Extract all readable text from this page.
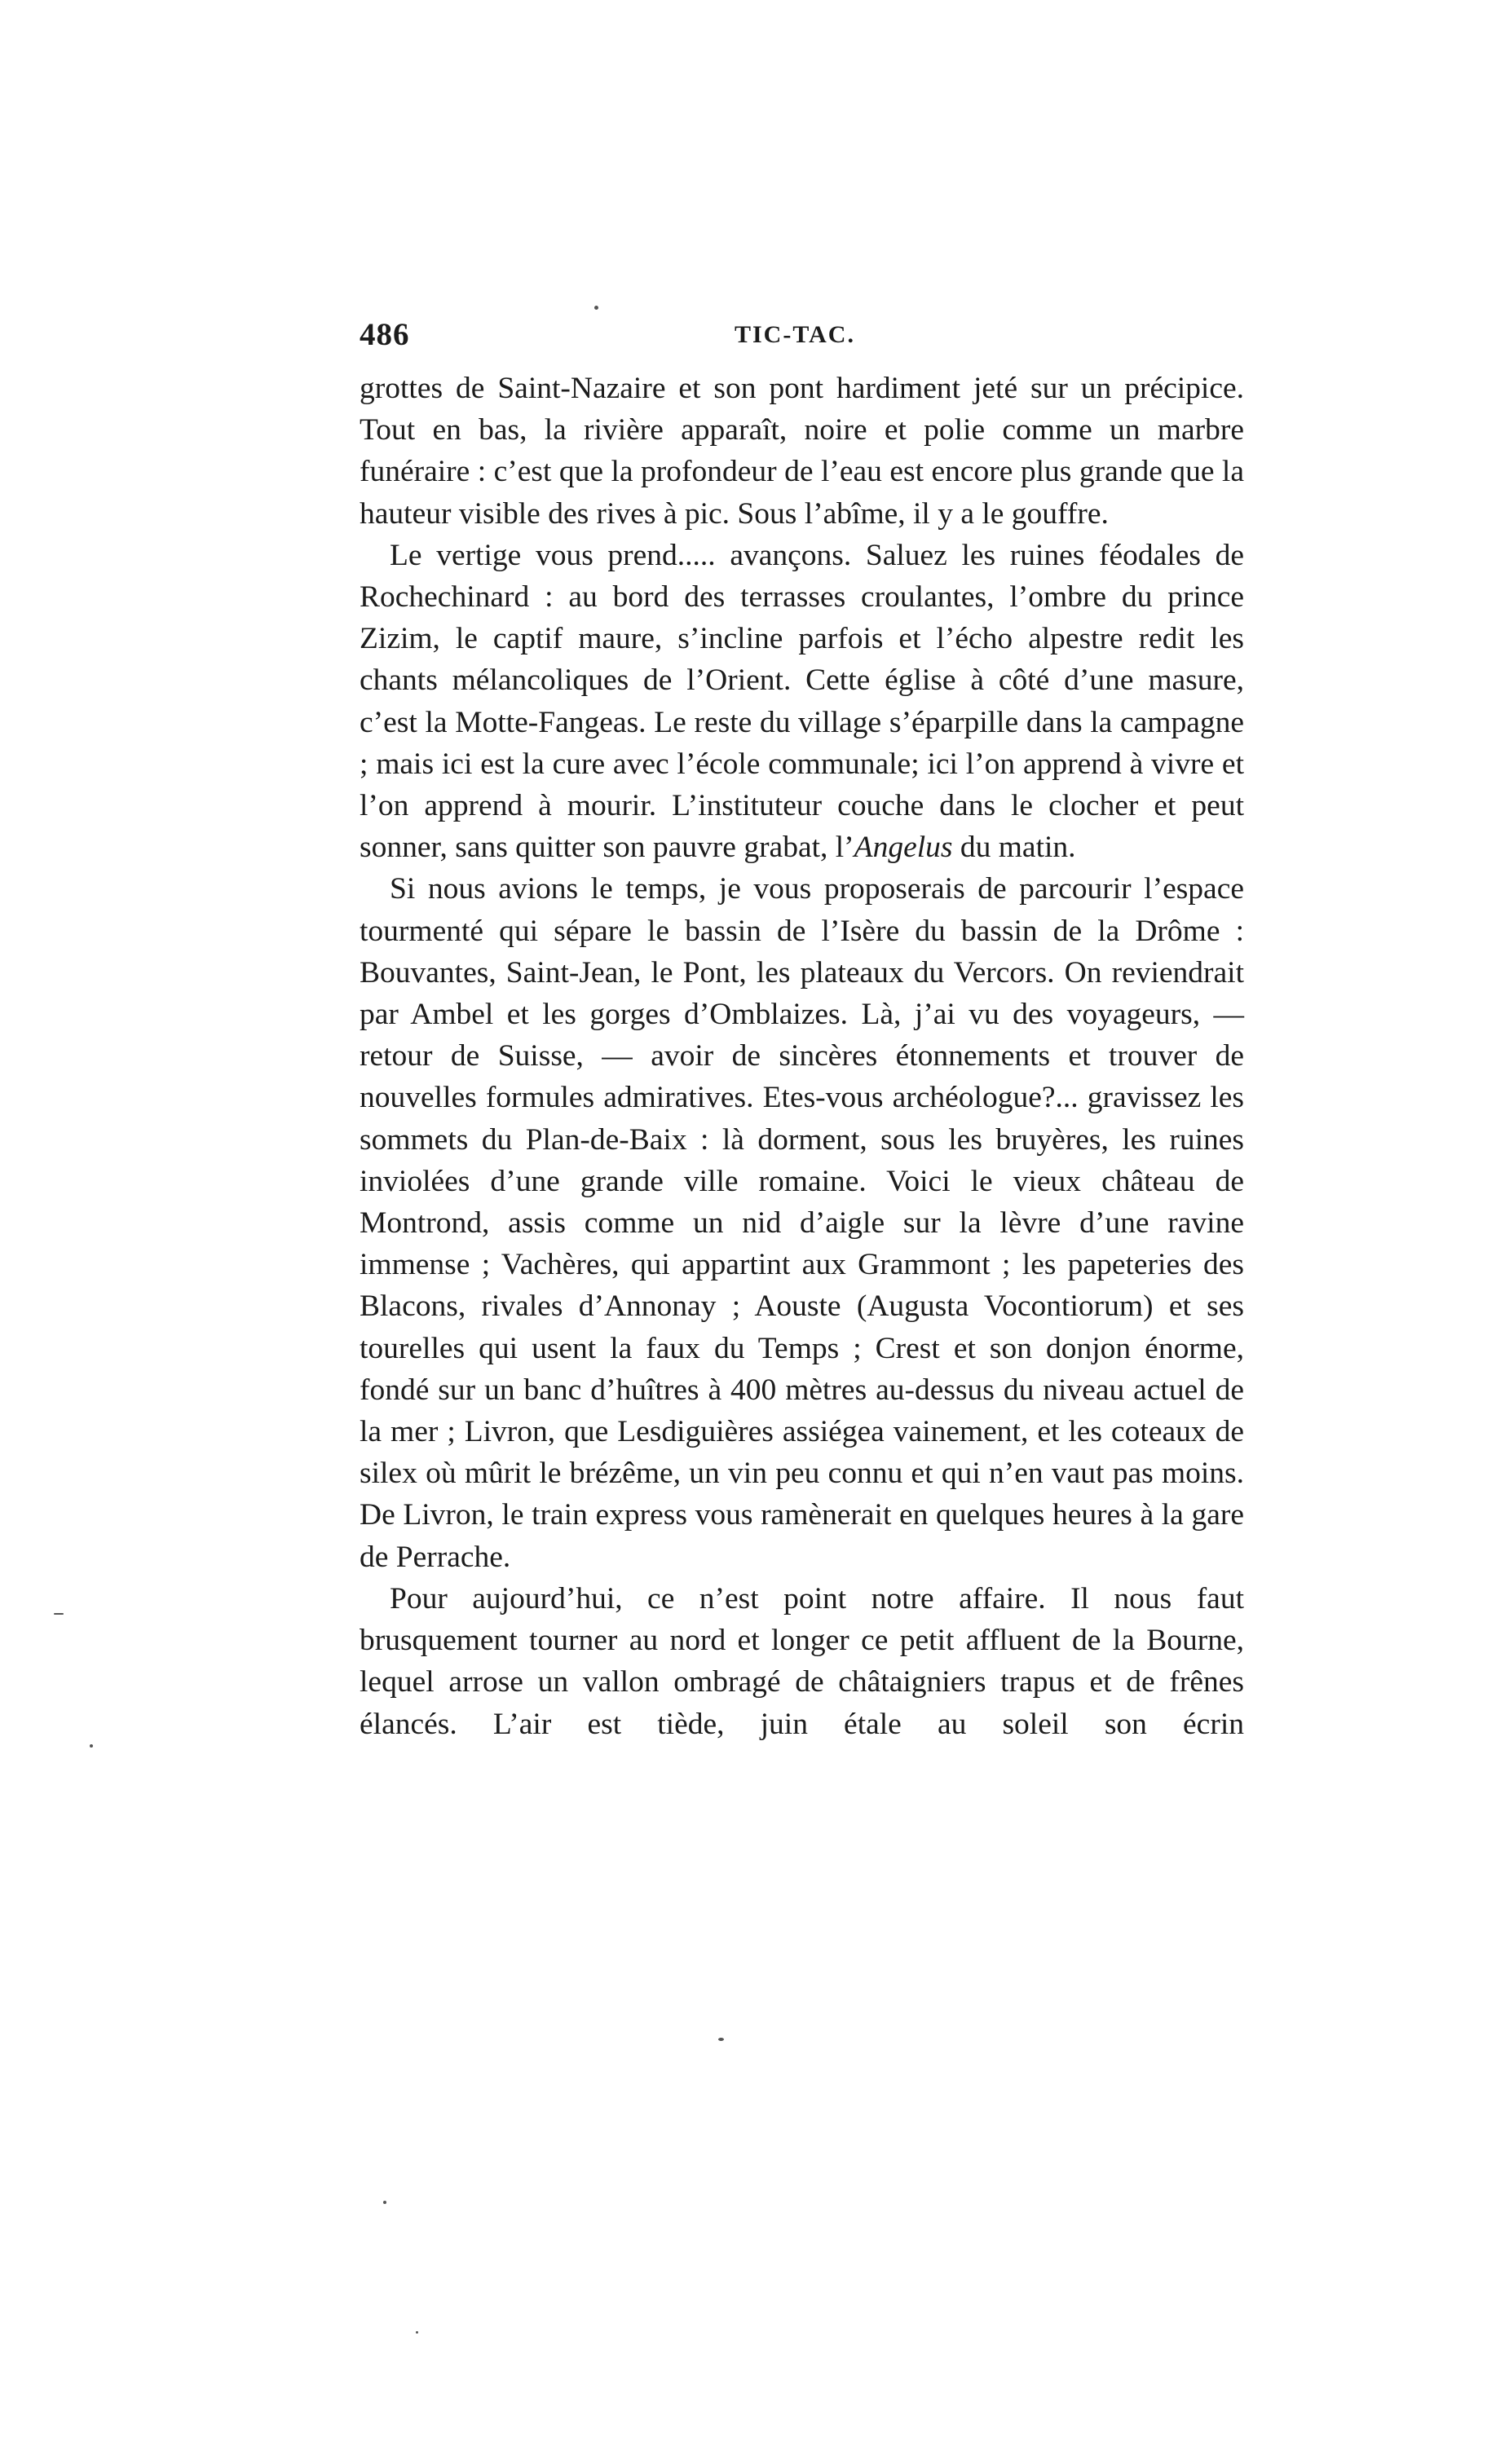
486	TIC-TAC.

grottes de Saint-Nazaire et son pont hardiment jeté sur un précipice. Tout en bas, la rivière apparaît, noire et polie comme un marbre funéraire : c’est que la profondeur de l’eau est encore plus grande que la hauteur visible des rives à pic. Sous l’abîme, il y a le gouffre.

Le vertige vous prend..... avançons. Saluez les ruines féodales de Rochechinard : au bord des terrasses croulantes, l’ombre du prince Zizim, le captif maure, s’incline parfois et l’écho alpestre redit les chants mélancoliques de l’Orient. Cette église à côté d’une masure, c’est la Motte-Fangeas. Le reste du village s’éparpille dans la campagne ; mais ici est la cure avec l’école communale; ici l’on apprend à vivre et l’on apprend à mourir. L’instituteur couche dans le clocher et peut sonner, sans quitter son pauvre grabat, l’Angelus du matin.

Si nous avions le temps, je vous proposerais de parcourir l’espace tourmenté qui sépare le bassin de l’Isère du bassin de la Drôme : Bouvantes, Saint-Jean, le Pont, les plateaux du Vercors. On reviendrait par Ambel et les gorges d’Omblaizes. Là, j’ai vu des voyageurs, — retour de Suisse, — avoir de sincères étonnements et trouver de nouvelles formules admiratives. Etes-vous archéologue?... gravissez les sommets du Plan-de-Baix : là dorment, sous les bruyères, les ruines inviolées d’une grande ville romaine. Voici le vieux château de Montrond, assis comme un nid d’aigle sur la lèvre d’une ravine immense ; Vachères, qui appartint aux Grammont ; les papeteries des Blacons, rivales d’Annonay ; Aouste (Augusta Vocontiorum) et ses tourelles qui usent la faux du Temps ; Crest et son donjon énorme, fondé sur un banc d’huîtres à 400 mètres au-dessus du niveau actuel de la mer ; Livron, que Lesdiguières assiégea vainement, et les coteaux de silex où mûrit le brézême, un vin peu connu et qui n’en vaut pas moins. De Livron, le train express vous ramènerait en quelques heures à la gare de Perrache.

Pour aujourd’hui, ce n’est point notre affaire. Il nous faut brusquement tourner au nord et longer ce petit affluent de la Bourne, lequel arrose un vallon ombragé de châtaigniers trapus et de frênes élancés. L’air est tiède, juin étale au soleil son écrin
